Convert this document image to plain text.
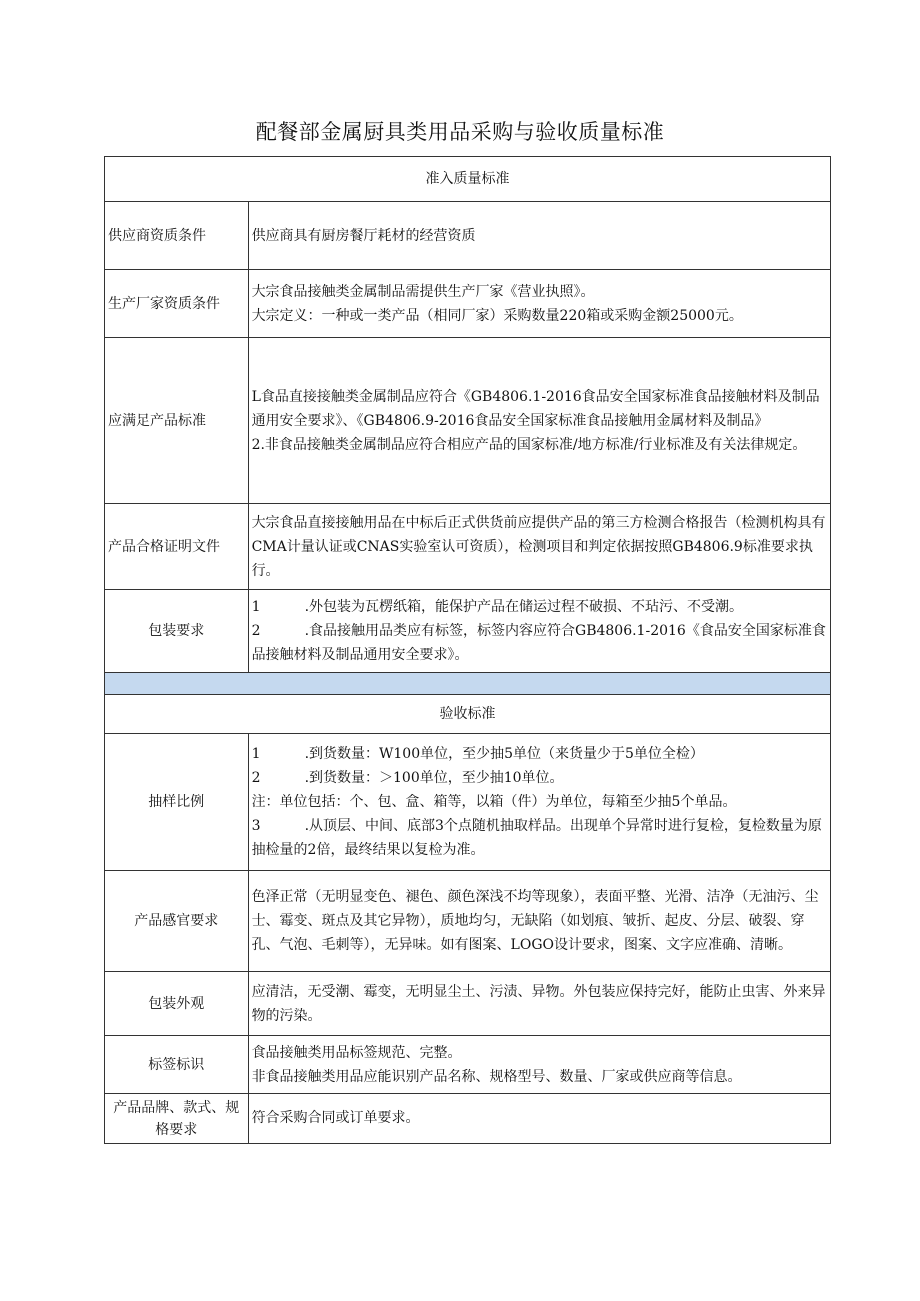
配餐部金属厨具类用品采购与验收质量标准
准入质量标准	
供应商资质条件	供应商具有厨房餐厅耗材的经营资质

生产厂家资质条件	大宗食品接触类金属制品需提供生产厂家《营业执照》。
大宗定义：一种或一类产品（相同厂家）采购数量220箱或采购金额25000元。

应满足产品标准	L食品直接接触类金属制品应符合《GB4806.1-2016食品安全国家标准食品接触材料及制品通用安全要求》、《GB4806.9-2016食品安全国家标准食品接触用金属材料及制品》
2.非食品接触类金属制品应符合相应产品的国家标准/地方标准/行业标准及有关法律规定。

产品合格证明文件	大宗食品直接接触用品在中标后正式供货前应提供产品的第三方检测合格报告（检测机构具有CMA计量认证或CNAS实验室认可资质），检测项目和判定依据按照GB4806.9标准要求执行。

包装要求	1 .外包装为瓦楞纸箱，能保护产品在储运过程不破损、不玷污、不受潮。
2 .食品接触用品类应有标签，标签内容应符合GB4806.1-2016《食品安全国家标准食品接触材料及制品通用安全要求》。

验收标准	
抽样比例	1 .到货数量：W100单位，至少抽5单位（来货量少于5单位全检）
2 .到货数量：＞100单位，至少抽10单位。
注：单位包括：个、包、盒、箱等，以箱（件）为单位，每箱至少抽5个单品。
3 .从顶层、中间、底部3个点随机抽取样品。出现单个异常时进行复检，复检数量为原抽检量的2倍，最终结果以复检为准。

产品感官要求	色泽正常（无明显变色、褪色、颜色深浅不均等现象），表面平整、光滑、洁净（无油污、尘士、霉变、斑点及其它异物），质地均匀，无缺陷（如划痕、皱折、起皮、分层、破裂、穿孔、气泡、毛刺等），无异味。如有图案、LOGO设计要求，图案、文字应准确、清晰。

包装外观	应清洁，无受潮、霉变，无明显尘土、污渍、异物。外包装应保持完好，能防止虫害、外来异物的污染。

标签标识	食品接触类用品标签规范、完整。
非食品接触类用品应能识别产品名称、规格型号、数量、厂家或供应商等信息。

产品品牌、款式、规格要求	符合采购合同或订单要求。
